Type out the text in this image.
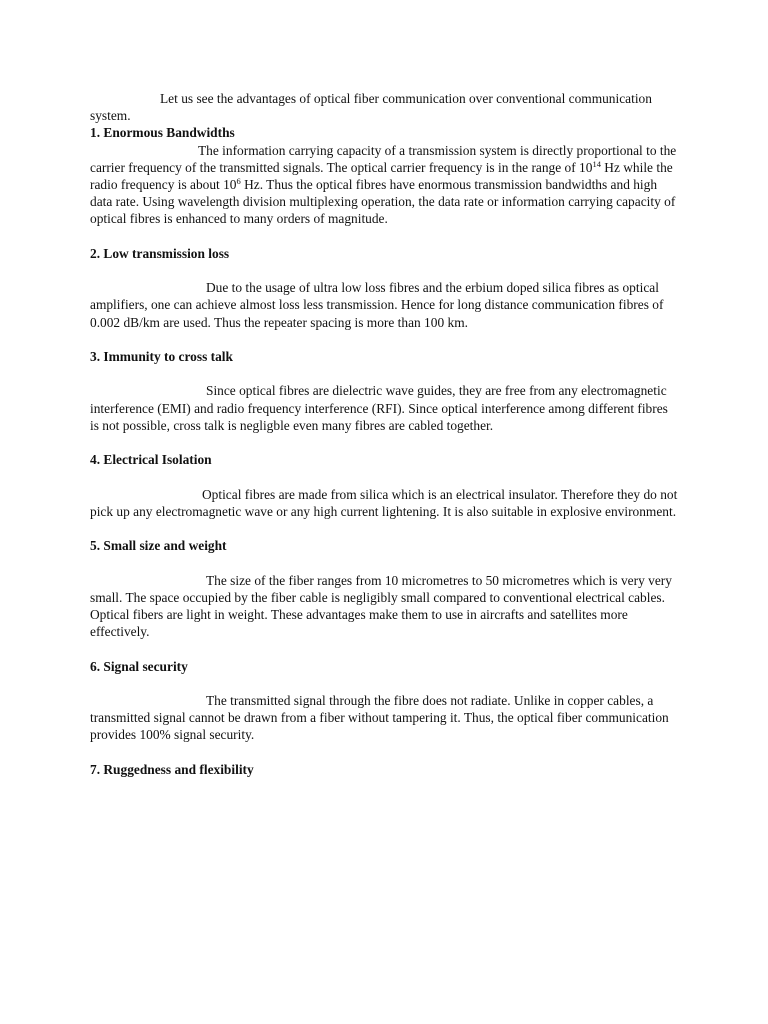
Let us see the advantages of optical fiber communication over conventional communication system.

1. Enormous Bandwidths

The information carrying capacity of a transmission system is directly proportional to the carrier frequency of the transmitted signals. The optical carrier frequency is in the range of $10^{14}$ Hz while the radio frequency is about $10^6$ Hz. Thus the optical fibres have enormous transmission bandwidths and high data rate. Using wavelength division multiplexing operation, the data rate or information carrying capacity of optical fibres is enhanced to many orders of magnitude.

2. Low transmission loss

Due to the usage of ultra low loss fibres and the erbium doped silica fibres as optical amplifiers, one can achieve almost loss less transmission. Hence for long distance communication fibres of 0.002 dB/km are used. Thus the repeater spacing is more than 100 km.

3. Immunity to cross talk

Since optical fibres are dielectric wave guides, they are free from any electromagnetic interference (EMI) and radio frequency interference (RFI). Since optical interference among different fibres is not possible, cross talk is negligble even many fibres are cabled together.

4. Electrical Isolation

Optical fibres are made from silica which is an electrical insulator. Therefore they do not pick up any electromagnetic wave or any high current lightening. It is also suitable in explosive environment.

5. Small size and weight

The size of the fiber ranges from 10 micrometres to 50 micrometres which is very very small. The space occupied by the fiber cable is negligibly small compared to conventional electrical cables. Optical fibers are light in weight. These advantages make them to use in aircrafts and satellites more effectively.

6. Signal security

The transmitted signal through the fibre does not radiate. Unlike in copper cables, a transmitted signal cannot be drawn from a fiber without tampering it. Thus, the optical fiber communication provides 100% signal security.

7. Ruggedness and flexibility
